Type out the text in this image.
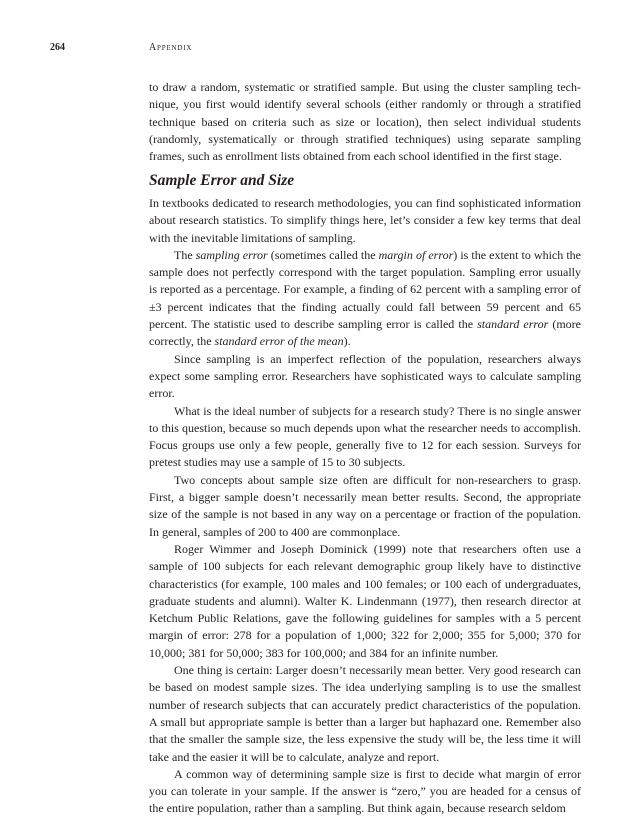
264	Appendix

to draw a random, systematic or stratified sample. But using the cluster sampling technique, you first would identify several schools (either randomly or through a stratified technique based on criteria such as size or location), then select individual students (randomly, systematically or through stratified techniques) using separate sampling frames, such as enrollment lists obtained from each school identified in the first stage.

Sample Error and Size

In textbooks dedicated to research methodologies, you can find sophisticated information about research statistics. To simplify things here, let’s consider a few key terms that deal with the inevitable limitations of sampling.

The sampling error (sometimes called the margin of error) is the extent to which the sample does not perfectly correspond with the target population. Sampling error usually is reported as a percentage. For example, a finding of 62 percent with a sampling error of ±3 percent indicates that the finding actually could fall between 59 percent and 65 percent. The statistic used to describe sampling error is called the standard error (more correctly, the standard error of the mean).

Since sampling is an imperfect reflection of the population, researchers always expect some sampling error. Researchers have sophisticated ways to calculate sampling error.

What is the ideal number of subjects for a research study? There is no single answer to this question, because so much depends upon what the researcher needs to accomplish. Focus groups use only a few people, generally five to 12 for each session. Surveys for pretest studies may use a sample of 15 to 30 subjects.

Two concepts about sample size often are difficult for non-researchers to grasp. First, a bigger sample doesn’t necessarily mean better results. Second, the appropriate size of the sample is not based in any way on a percentage or fraction of the population. In general, samples of 200 to 400 are commonplace.

Roger Wimmer and Joseph Dominick (1999) note that researchers often use a sample of 100 subjects for each relevant demographic group likely have to distinctive characteristics (for example, 100 males and 100 females; or 100 each of undergraduates, graduate students and alumni). Walter K. Lindenmann (1977), then research director at Ketchum Public Relations, gave the following guidelines for samples with a 5 percent margin of error: 278 for a population of 1,000; 322 for 2,000; 355 for 5,000; 370 for 10,000; 381 for 50,000; 383 for 100,000; and 384 for an infinite number.

One thing is certain: Larger doesn’t necessarily mean better. Very good research can be based on modest sample sizes. The idea underlying sampling is to use the smallest number of research subjects that can accurately predict characteristics of the population. A small but appropriate sample is better than a larger but haphazard one. Remember also that the smaller the sample size, the less expensive the study will be, the less time it will take and the easier it will be to calculate, analyze and report.

A common way of determining sample size is first to decide what margin of error you can tolerate in your sample. If the answer is “zero,” you are headed for a census of the entire population, rather than a sampling. But think again, because research seldom
